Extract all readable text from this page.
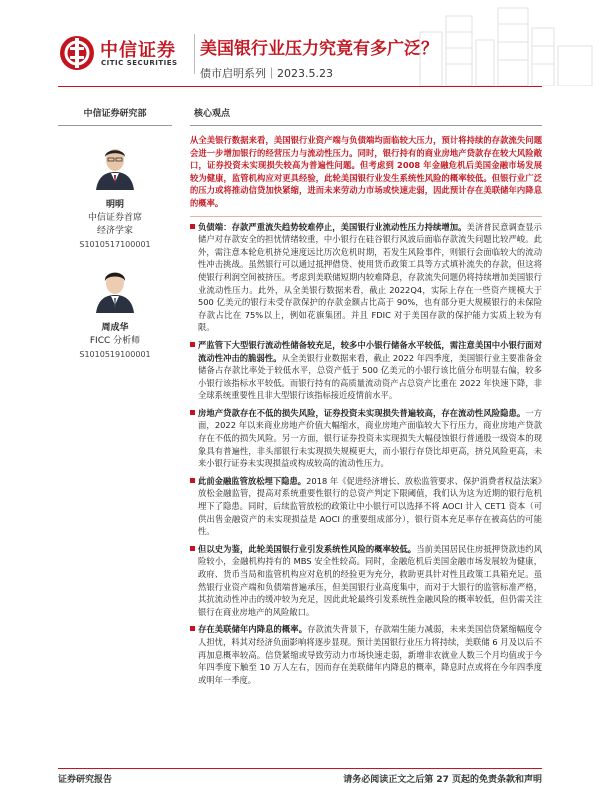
中信证券
CITIC SECURITIES
美国银行业压力究竟有多广泛？
债市启明系列｜2023.5.23
中信证券研究部
明明
中信证券首席
经济学家
S1010517100001
周成华
FICC 分析师
S1010519100001
核心观点

从全美银行数据来看，美国银行业资产端与负债端均面临较大压力，预计将持续的存款流失问题会进一步增加银行的经营压力与流动性压力。同时，银行持有的商业房地产贷款存在较大风险敞口，证券投资未实现损失较高为普遍性问题。但考虑到 2008 年金融危机后美国金融市场发展较为健康，监管机构应对更具经验，此轮美国银行业发生系统性风险的概率较低。但银行业广泛的压力或将推动信贷加快紧缩，进而未来劳动力市场或快速走弱，因此预计存在美联储年内降息的概率。

负债端：存款严重流失趋势较难停止，美国银行业流动性压力持续增加。美济普民意调查显示储户对存款安全的担忧情绪较重，中小银行在硅谷银行风波后面临存款流失问题比较严峻。此外，需注意本轮危机挤兑速度远比历次危机时期，若发生风险事件，则银行会面临较大的流动性冲击挑战。虽然银行可以通过抵押借贷、使用货币政策工具等方式填补流失的存款，但这将使银行利润空间被挤压。考虑到美联储短期内较难降息，存款流失问题仍将持续增加美国银行业流动性压力。此外，从全美银行数据来看，截止 2022Q4，实际上存在一些资产规模大于 500 亿美元的银行未受存款保护的存款金额占比高于 90%，也有部分更大规模银行的未保险存款占比在 75%以上，例如花旗集团。并且 FDIC 对于美国存款的保护能力实质上较为有限。
严监管下大型银行流动性储备较充足，较多中小银行储备水平较低，需注意美国中小银行面对流动性冲击的脆弱性。从全美银行业数据来看，截止 2022 年四季度，美国银行业主要准备金储备占存款比率处于较低水平，总资产低于 500 亿美元的小银行该比值分布明显右偏，较多小银行该指标水平较低。而银行持有的高质量流动资产占总资产比重在 2022 年快速下降，非全球系统重要性且非大型银行该指标接近疫情前水平。
房地产贷款存在不低的损失风险，证券投资未实现损失普遍较高，存在流动性风险隐患。一方面，2022 年以来商业房地产价值大幅缩水，商业房地产面临较大下行压力，商业房地产贷款存在不低的损失风险。另一方面，银行证券投资未实现损失大幅侵蚀银行普通股一级资本的现象具有普遍性，非头部银行未实现损失规模更大，而小银行存贷比却更高，挤兑风险更高，未来小银行证券未实现损益或构成较高的流动性压力。
此前金融监管放松埋下隐患。2018 年《促进经济增长、放松监管要求、保护消费者权益法案》放松金融监管，提高对系统重要性银行的总资产判定下限阈值，我们认为这为近期的银行危机埋下了隐患。同时，后续监管放松的政策让中小银行可以选择不将 AOCI 计入 CET1 资本（可供出售金融资产的未实现损益是 AOCI 的重要组成部分），银行资本充足率存在被高估的可能性。
但以史为鉴，此轮美国银行业引发系统性风险的概率较低。当前美国居民住房抵押贷款违约风险较小，金融机构持有的 MBS 安全性较高。同时，金融危机后美国金融市场发展较为健康，政府、货币当局和监管机构应对危机的经验更为充分，救助更具针对性且政策工具箱充足。虽然银行业资产端和负债端普遍承压，但美国银行业高度集中，而对于大银行的监管标准严格，其抗流动性冲击的缓冲较为充足，因此此轮最终引发系统性金融风险的概率较低，但仍需关注银行在商业房地产的风险敞口。
存在美联储年内降息的概率。存款流失背景下，存款端生能力减弱，未来美国信贷紧缩幅度令人担忧，料其对经济负面影响将逐步显现。预计美国银行业压力将持续，美联储 6 月及以后不再加息概率较高。信贷紧缩或导致劳动力市场快速走弱，新增非农就业人数三个月均值或于今年四季度下触至 10 万人左右，因而存在美联储年内降息的概率，降息时点或将在今年四季度或明年一季度。
证券研究报告	请务必阅读正文之后第 27 页起的免责条款和声明
